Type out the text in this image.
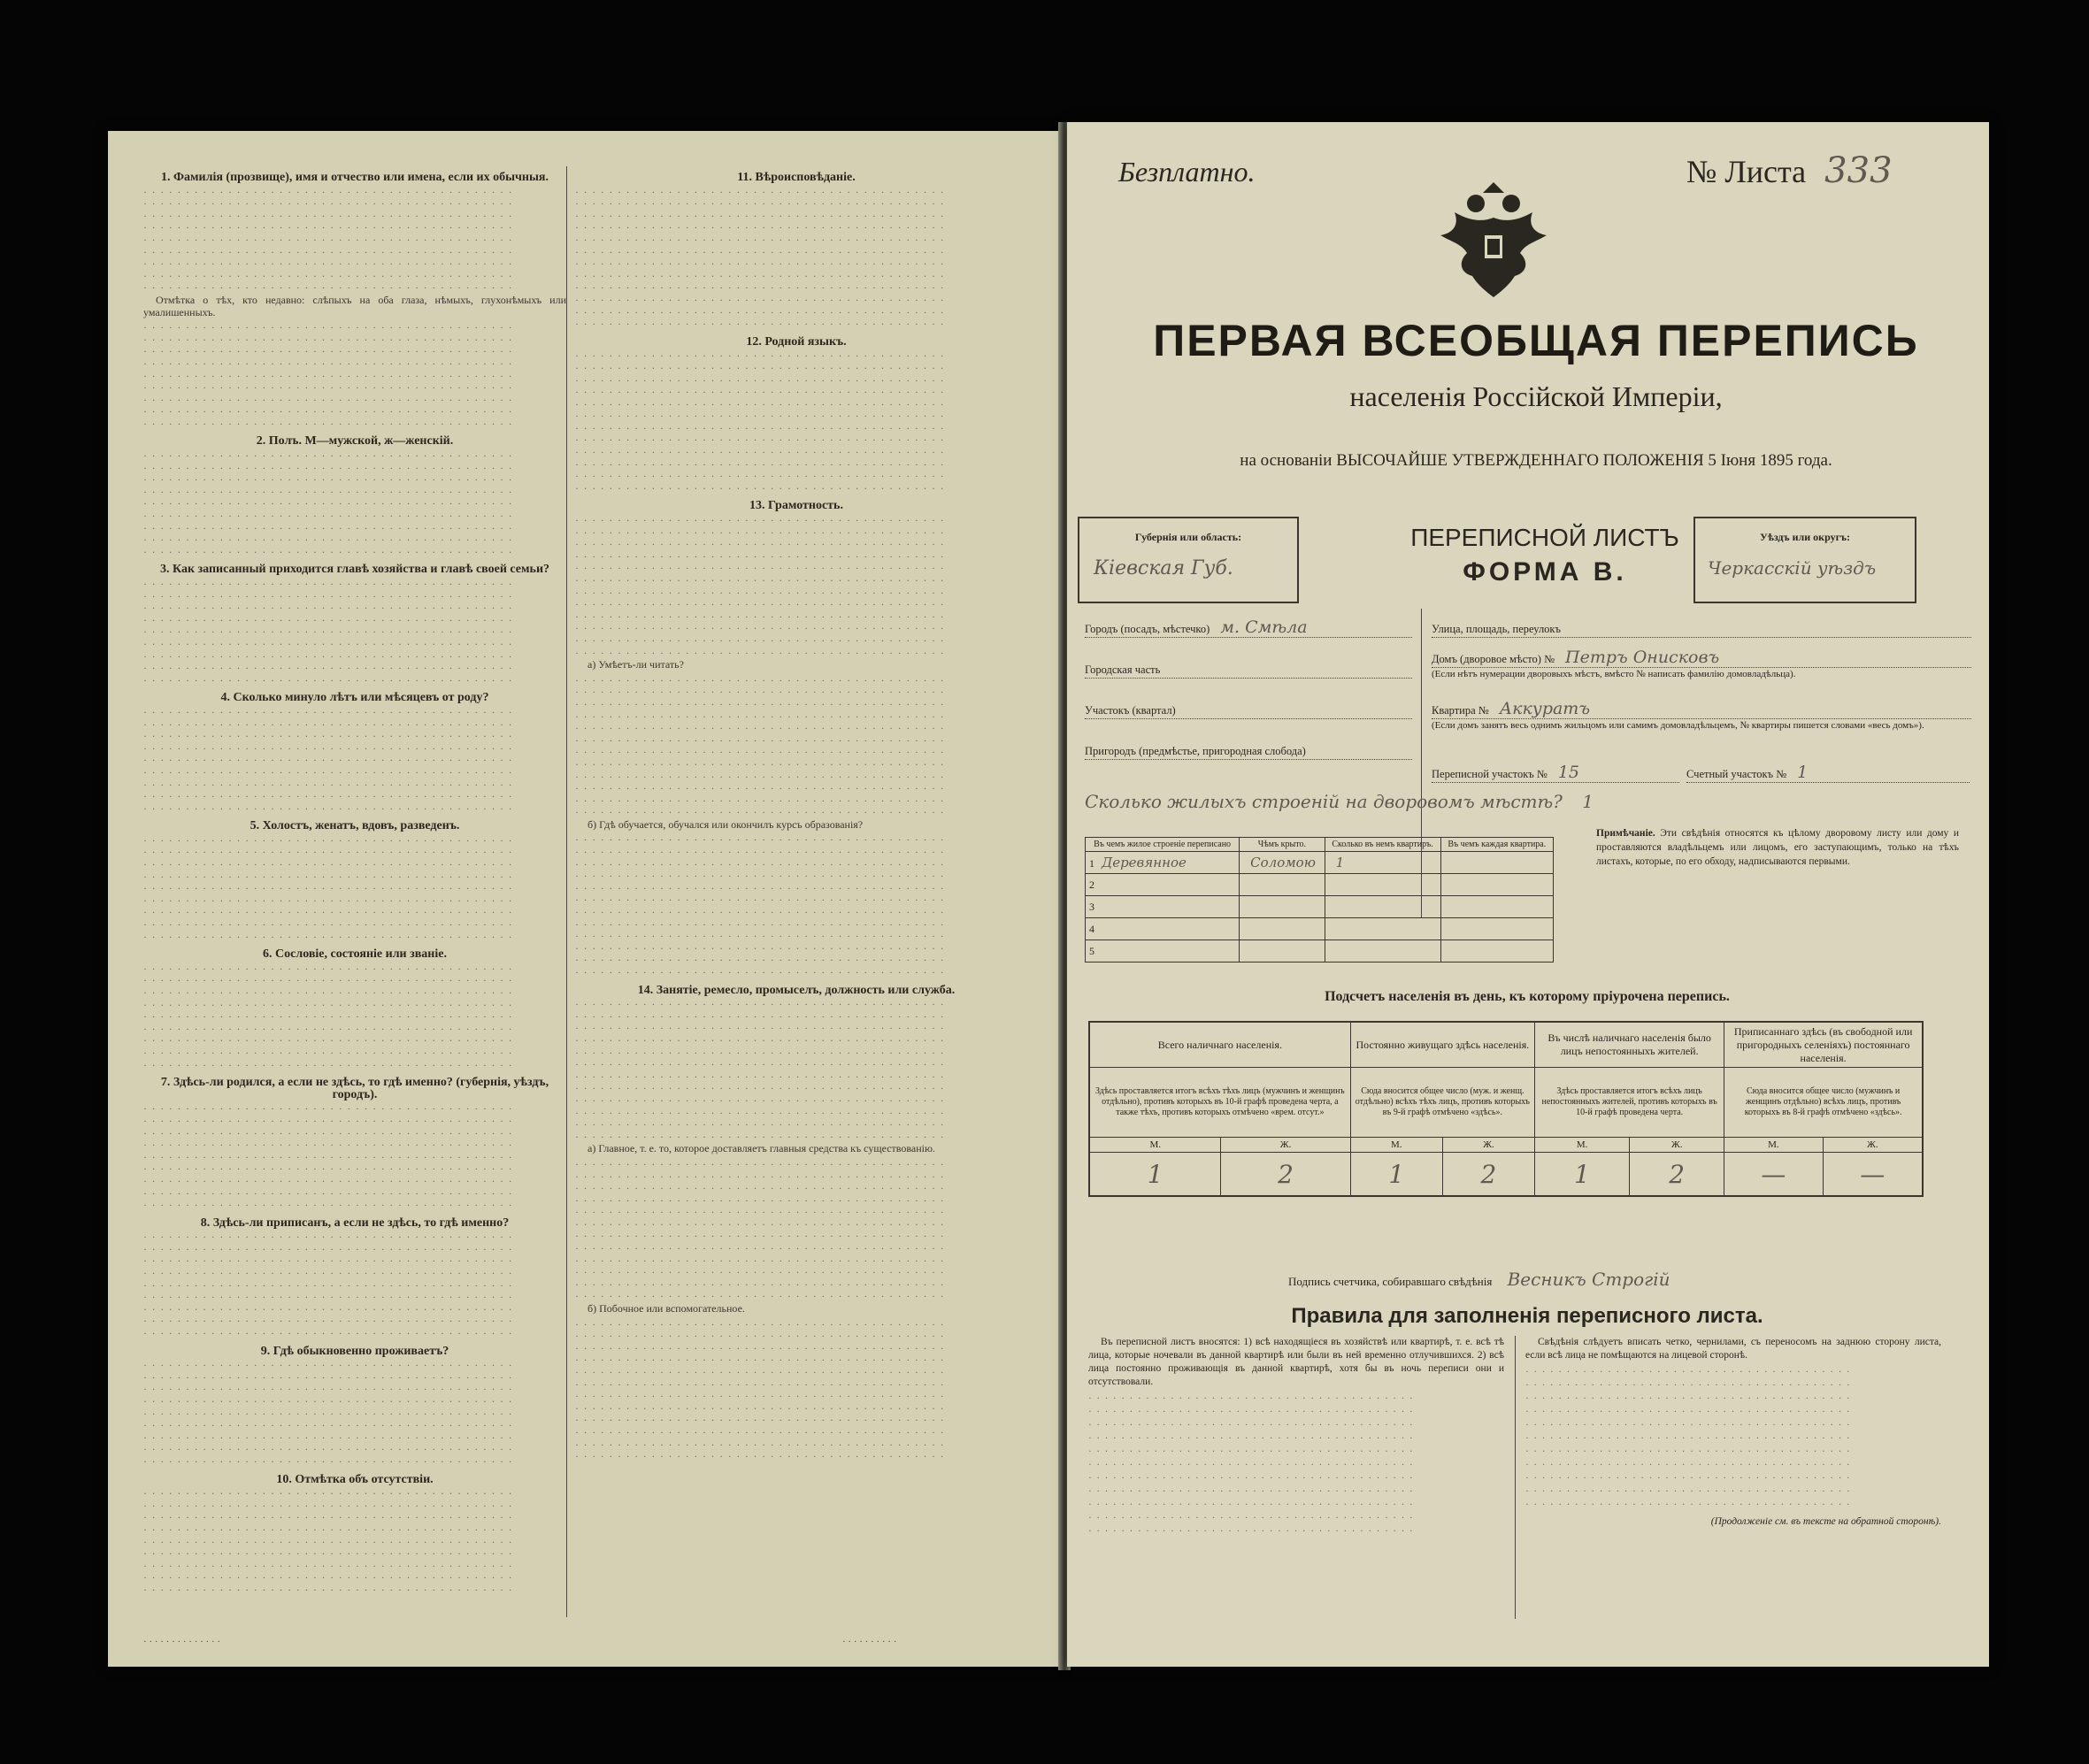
1. Фамилія (прозвище), имя и отчество или имена, если их обычныя.
· · · · · · · · · · · · · · · · · · · · · · · · · · · · · · · · · · · · · · · · · · · ·
· · · · · · · · · · · · · · · · · · · · · · · · · · · · · · · · · · · · · · · · · · · ·
· · · · · · · · · · · · · · · · · · · · · · · · · · · · · · · · · · · · · · · · · · · ·
· · · · · · · · · · · · · · · · · · · · · · · · · · · · · · · · · · · · · · · · · · · ·
· · · · · · · · · · · · · · · · · · · · · · · · · · · · · · · · · · · · · · · · · · · ·
· · · · · · · · · · · · · · · · · · · · · · · · · · · · · · · · · · · · · · · · · · · ·
· · · · · · · · · · · · · · · · · · · · · · · · · · · · · · · · · · · · · · · · · · · ·
· · · · · · · · · · · · · · · · · · · · · · · · · · · · · · · · · · · · · · · · · · · ·
· · · · · · · · · · · · · · · · · · · · · · · · · · · · · · · · · · · · · · · · · · · ·

Отмѣтка о тѣх, кто недавно: слѣпыхъ на оба глаза, нѣмыхъ, глухонѣмыхъ или умалишенныхъ.

· · · · · · · · · · · · · · · · · · · · · · · · · · · · · · · · · · · · · · · · · · · ·
· · · · · · · · · · · · · · · · · · · · · · · · · · · · · · · · · · · · · · · · · · · ·
· · · · · · · · · · · · · · · · · · · · · · · · · · · · · · · · · · · · · · · · · · · ·
· · · · · · · · · · · · · · · · · · · · · · · · · · · · · · · · · · · · · · · · · · · ·
· · · · · · · · · · · · · · · · · · · · · · · · · · · · · · · · · · · · · · · · · · · ·
· · · · · · · · · · · · · · · · · · · · · · · · · · · · · · · · · · · · · · · · · · · ·
· · · · · · · · · · · · · · · · · · · · · · · · · · · · · · · · · · · · · · · · · · · ·
· · · · · · · · · · · · · · · · · · · · · · · · · · · · · · · · · · · · · · · · · · · ·
· · · · · · · · · · · · · · · · · · · · · · · · · · · · · · · · · · · · · · · · · · · ·

2. Полъ. М—мужской, ж—женскій.
· · · · · · · · · · · · · · · · · · · · · · · · · · · · · · · · · · · · · · · · · · · ·
· · · · · · · · · · · · · · · · · · · · · · · · · · · · · · · · · · · · · · · · · · · ·
· · · · · · · · · · · · · · · · · · · · · · · · · · · · · · · · · · · · · · · · · · · ·
· · · · · · · · · · · · · · · · · · · · · · · · · · · · · · · · · · · · · · · · · · · ·
· · · · · · · · · · · · · · · · · · · · · · · · · · · · · · · · · · · · · · · · · · · ·
· · · · · · · · · · · · · · · · · · · · · · · · · · · · · · · · · · · · · · · · · · · ·
· · · · · · · · · · · · · · · · · · · · · · · · · · · · · · · · · · · · · · · · · · · ·
· · · · · · · · · · · · · · · · · · · · · · · · · · · · · · · · · · · · · · · · · · · ·
· · · · · · · · · · · · · · · · · · · · · · · · · · · · · · · · · · · · · · · · · · · ·

3. Как записанный приходится главѣ хозяйства и главѣ своей семьи?
· · · · · · · · · · · · · · · · · · · · · · · · · · · · · · · · · · · · · · · · · · · ·
· · · · · · · · · · · · · · · · · · · · · · · · · · · · · · · · · · · · · · · · · · · ·
· · · · · · · · · · · · · · · · · · · · · · · · · · · · · · · · · · · · · · · · · · · ·
· · · · · · · · · · · · · · · · · · · · · · · · · · · · · · · · · · · · · · · · · · · ·
· · · · · · · · · · · · · · · · · · · · · · · · · · · · · · · · · · · · · · · · · · · ·
· · · · · · · · · · · · · · · · · · · · · · · · · · · · · · · · · · · · · · · · · · · ·
· · · · · · · · · · · · · · · · · · · · · · · · · · · · · · · · · · · · · · · · · · · ·
· · · · · · · · · · · · · · · · · · · · · · · · · · · · · · · · · · · · · · · · · · · ·
· · · · · · · · · · · · · · · · · · · · · · · · · · · · · · · · · · · · · · · · · · · ·

4. Сколько минуло лѣтъ или мѣсяцевъ от роду?
· · · · · · · · · · · · · · · · · · · · · · · · · · · · · · · · · · · · · · · · · · · ·
· · · · · · · · · · · · · · · · · · · · · · · · · · · · · · · · · · · · · · · · · · · ·
· · · · · · · · · · · · · · · · · · · · · · · · · · · · · · · · · · · · · · · · · · · ·
· · · · · · · · · · · · · · · · · · · · · · · · · · · · · · · · · · · · · · · · · · · ·
· · · · · · · · · · · · · · · · · · · · · · · · · · · · · · · · · · · · · · · · · · · ·
· · · · · · · · · · · · · · · · · · · · · · · · · · · · · · · · · · · · · · · · · · · ·
· · · · · · · · · · · · · · · · · · · · · · · · · · · · · · · · · · · · · · · · · · · ·
· · · · · · · · · · · · · · · · · · · · · · · · · · · · · · · · · · · · · · · · · · · ·
· · · · · · · · · · · · · · · · · · · · · · · · · · · · · · · · · · · · · · · · · · · ·

5. Холостъ, женатъ, вдовъ, разведенъ.
· · · · · · · · · · · · · · · · · · · · · · · · · · · · · · · · · · · · · · · · · · · ·
· · · · · · · · · · · · · · · · · · · · · · · · · · · · · · · · · · · · · · · · · · · ·
· · · · · · · · · · · · · · · · · · · · · · · · · · · · · · · · · · · · · · · · · · · ·
· · · · · · · · · · · · · · · · · · · · · · · · · · · · · · · · · · · · · · · · · · · ·
· · · · · · · · · · · · · · · · · · · · · · · · · · · · · · · · · · · · · · · · · · · ·
· · · · · · · · · · · · · · · · · · · · · · · · · · · · · · · · · · · · · · · · · · · ·
· · · · · · · · · · · · · · · · · · · · · · · · · · · · · · · · · · · · · · · · · · · ·
· · · · · · · · · · · · · · · · · · · · · · · · · · · · · · · · · · · · · · · · · · · ·
· · · · · · · · · · · · · · · · · · · · · · · · · · · · · · · · · · · · · · · · · · · ·

6. Сословіе, состояніе или званіе.
· · · · · · · · · · · · · · · · · · · · · · · · · · · · · · · · · · · · · · · · · · · ·
· · · · · · · · · · · · · · · · · · · · · · · · · · · · · · · · · · · · · · · · · · · ·
· · · · · · · · · · · · · · · · · · · · · · · · · · · · · · · · · · · · · · · · · · · ·
· · · · · · · · · · · · · · · · · · · · · · · · · · · · · · · · · · · · · · · · · · · ·
· · · · · · · · · · · · · · · · · · · · · · · · · · · · · · · · · · · · · · · · · · · ·
· · · · · · · · · · · · · · · · · · · · · · · · · · · · · · · · · · · · · · · · · · · ·
· · · · · · · · · · · · · · · · · · · · · · · · · · · · · · · · · · · · · · · · · · · ·
· · · · · · · · · · · · · · · · · · · · · · · · · · · · · · · · · · · · · · · · · · · ·
· · · · · · · · · · · · · · · · · · · · · · · · · · · · · · · · · · · · · · · · · · · ·

7. Здѣсь-ли родился, а если не здѣсь, то гдѣ именно? (губернія, уѣздъ, городъ).
· · · · · · · · · · · · · · · · · · · · · · · · · · · · · · · · · · · · · · · · · · · ·
· · · · · · · · · · · · · · · · · · · · · · · · · · · · · · · · · · · · · · · · · · · ·
· · · · · · · · · · · · · · · · · · · · · · · · · · · · · · · · · · · · · · · · · · · ·
· · · · · · · · · · · · · · · · · · · · · · · · · · · · · · · · · · · · · · · · · · · ·
· · · · · · · · · · · · · · · · · · · · · · · · · · · · · · · · · · · · · · · · · · · ·
· · · · · · · · · · · · · · · · · · · · · · · · · · · · · · · · · · · · · · · · · · · ·
· · · · · · · · · · · · · · · · · · · · · · · · · · · · · · · · · · · · · · · · · · · ·
· · · · · · · · · · · · · · · · · · · · · · · · · · · · · · · · · · · · · · · · · · · ·
· · · · · · · · · · · · · · · · · · · · · · · · · · · · · · · · · · · · · · · · · · · ·

8. Здѣсь-ли приписанъ, а если не здѣсь, то гдѣ именно?
· · · · · · · · · · · · · · · · · · · · · · · · · · · · · · · · · · · · · · · · · · · ·
· · · · · · · · · · · · · · · · · · · · · · · · · · · · · · · · · · · · · · · · · · · ·
· · · · · · · · · · · · · · · · · · · · · · · · · · · · · · · · · · · · · · · · · · · ·
· · · · · · · · · · · · · · · · · · · · · · · · · · · · · · · · · · · · · · · · · · · ·
· · · · · · · · · · · · · · · · · · · · · · · · · · · · · · · · · · · · · · · · · · · ·
· · · · · · · · · · · · · · · · · · · · · · · · · · · · · · · · · · · · · · · · · · · ·
· · · · · · · · · · · · · · · · · · · · · · · · · · · · · · · · · · · · · · · · · · · ·
· · · · · · · · · · · · · · · · · · · · · · · · · · · · · · · · · · · · · · · · · · · ·
· · · · · · · · · · · · · · · · · · · · · · · · · · · · · · · · · · · · · · · · · · · ·

9. Гдѣ обыкновенно проживаетъ?
· · · · · · · · · · · · · · · · · · · · · · · · · · · · · · · · · · · · · · · · · · · ·
· · · · · · · · · · · · · · · · · · · · · · · · · · · · · · · · · · · · · · · · · · · ·
· · · · · · · · · · · · · · · · · · · · · · · · · · · · · · · · · · · · · · · · · · · ·
· · · · · · · · · · · · · · · · · · · · · · · · · · · · · · · · · · · · · · · · · · · ·
· · · · · · · · · · · · · · · · · · · · · · · · · · · · · · · · · · · · · · · · · · · ·
· · · · · · · · · · · · · · · · · · · · · · · · · · · · · · · · · · · · · · · · · · · ·
· · · · · · · · · · · · · · · · · · · · · · · · · · · · · · · · · · · · · · · · · · · ·
· · · · · · · · · · · · · · · · · · · · · · · · · · · · · · · · · · · · · · · · · · · ·
· · · · · · · · · · · · · · · · · · · · · · · · · · · · · · · · · · · · · · · · · · · ·

10. Отмѣтка объ отсутствіи.
· · · · · · · · · · · · · · · · · · · · · · · · · · · · · · · · · · · · · · · · · · · ·
· · · · · · · · · · · · · · · · · · · · · · · · · · · · · · · · · · · · · · · · · · · ·
· · · · · · · · · · · · · · · · · · · · · · · · · · · · · · · · · · · · · · · · · · · ·
· · · · · · · · · · · · · · · · · · · · · · · · · · · · · · · · · · · · · · · · · · · ·
· · · · · · · · · · · · · · · · · · · · · · · · · · · · · · · · · · · · · · · · · · · ·
· · · · · · · · · · · · · · · · · · · · · · · · · · · · · · · · · · · · · · · · · · · ·
· · · · · · · · · · · · · · · · · · · · · · · · · · · · · · · · · · · · · · · · · · · ·
· · · · · · · · · · · · · · · · · · · · · · · · · · · · · · · · · · · · · · · · · · · ·
· · · · · · · · · · · · · · · · · · · · · · · · · · · · · · · · · · · · · · · · · · · ·

11. Вѣроисповѣданіе.
· · · · · · · · · · · · · · · · · · · · · · · · · · · · · · · · · · · · · · · · · · · ·
· · · · · · · · · · · · · · · · · · · · · · · · · · · · · · · · · · · · · · · · · · · ·
· · · · · · · · · · · · · · · · · · · · · · · · · · · · · · · · · · · · · · · · · · · ·
· · · · · · · · · · · · · · · · · · · · · · · · · · · · · · · · · · · · · · · · · · · ·
· · · · · · · · · · · · · · · · · · · · · · · · · · · · · · · · · · · · · · · · · · · ·
· · · · · · · · · · · · · · · · · · · · · · · · · · · · · · · · · · · · · · · · · · · ·
· · · · · · · · · · · · · · · · · · · · · · · · · · · · · · · · · · · · · · · · · · · ·
· · · · · · · · · · · · · · · · · · · · · · · · · · · · · · · · · · · · · · · · · · · ·
· · · · · · · · · · · · · · · · · · · · · · · · · · · · · · · · · · · · · · · · · · · ·
· · · · · · · · · · · · · · · · · · · · · · · · · · · · · · · · · · · · · · · · · · · ·
· · · · · · · · · · · · · · · · · · · · · · · · · · · · · · · · · · · · · · · · · · · ·
· · · · · · · · · · · · · · · · · · · · · · · · · · · · · · · · · · · · · · · · · · · ·

12. Родной языкъ.
· · · · · · · · · · · · · · · · · · · · · · · · · · · · · · · · · · · · · · · · · · · ·
· · · · · · · · · · · · · · · · · · · · · · · · · · · · · · · · · · · · · · · · · · · ·
· · · · · · · · · · · · · · · · · · · · · · · · · · · · · · · · · · · · · · · · · · · ·
· · · · · · · · · · · · · · · · · · · · · · · · · · · · · · · · · · · · · · · · · · · ·
· · · · · · · · · · · · · · · · · · · · · · · · · · · · · · · · · · · · · · · · · · · ·
· · · · · · · · · · · · · · · · · · · · · · · · · · · · · · · · · · · · · · · · · · · ·
· · · · · · · · · · · · · · · · · · · · · · · · · · · · · · · · · · · · · · · · · · · ·
· · · · · · · · · · · · · · · · · · · · · · · · · · · · · · · · · · · · · · · · · · · ·
· · · · · · · · · · · · · · · · · · · · · · · · · · · · · · · · · · · · · · · · · · · ·
· · · · · · · · · · · · · · · · · · · · · · · · · · · · · · · · · · · · · · · · · · · ·
· · · · · · · · · · · · · · · · · · · · · · · · · · · · · · · · · · · · · · · · · · · ·
· · · · · · · · · · · · · · · · · · · · · · · · · · · · · · · · · · · · · · · · · · · ·

13. Грамотность.
· · · · · · · · · · · · · · · · · · · · · · · · · · · · · · · · · · · · · · · · · · · ·
· · · · · · · · · · · · · · · · · · · · · · · · · · · · · · · · · · · · · · · · · · · ·
· · · · · · · · · · · · · · · · · · · · · · · · · · · · · · · · · · · · · · · · · · · ·
· · · · · · · · · · · · · · · · · · · · · · · · · · · · · · · · · · · · · · · · · · · ·
· · · · · · · · · · · · · · · · · · · · · · · · · · · · · · · · · · · · · · · · · · · ·
· · · · · · · · · · · · · · · · · · · · · · · · · · · · · · · · · · · · · · · · · · · ·
· · · · · · · · · · · · · · · · · · · · · · · · · · · · · · · · · · · · · · · · · · · ·
· · · · · · · · · · · · · · · · · · · · · · · · · · · · · · · · · · · · · · · · · · · ·
· · · · · · · · · · · · · · · · · · · · · · · · · · · · · · · · · · · · · · · · · · · ·
· · · · · · · · · · · · · · · · · · · · · · · · · · · · · · · · · · · · · · · · · · · ·
· · · · · · · · · · · · · · · · · · · · · · · · · · · · · · · · · · · · · · · · · · · ·
· · · · · · · · · · · · · · · · · · · · · · · · · · · · · · · · · · · · · · · · · · · ·

а) Умѣетъ-ли читать?

· · · · · · · · · · · · · · · · · · · · · · · · · · · · · · · · · · · · · · · · · · · ·
· · · · · · · · · · · · · · · · · · · · · · · · · · · · · · · · · · · · · · · · · · · ·
· · · · · · · · · · · · · · · · · · · · · · · · · · · · · · · · · · · · · · · · · · · ·
· · · · · · · · · · · · · · · · · · · · · · · · · · · · · · · · · · · · · · · · · · · ·
· · · · · · · · · · · · · · · · · · · · · · · · · · · · · · · · · · · · · · · · · · · ·
· · · · · · · · · · · · · · · · · · · · · · · · · · · · · · · · · · · · · · · · · · · ·
· · · · · · · · · · · · · · · · · · · · · · · · · · · · · · · · · · · · · · · · · · · ·
· · · · · · · · · · · · · · · · · · · · · · · · · · · · · · · · · · · · · · · · · · · ·
· · · · · · · · · · · · · · · · · · · · · · · · · · · · · · · · · · · · · · · · · · · ·
· · · · · · · · · · · · · · · · · · · · · · · · · · · · · · · · · · · · · · · · · · · ·
· · · · · · · · · · · · · · · · · · · · · · · · · · · · · · · · · · · · · · · · · · · ·
· · · · · · · · · · · · · · · · · · · · · · · · · · · · · · · · · · · · · · · · · · · ·

б) Гдѣ обучается, обучался или окончилъ курсъ образованія?

· · · · · · · · · · · · · · · · · · · · · · · · · · · · · · · · · · · · · · · · · · · ·
· · · · · · · · · · · · · · · · · · · · · · · · · · · · · · · · · · · · · · · · · · · ·
· · · · · · · · · · · · · · · · · · · · · · · · · · · · · · · · · · · · · · · · · · · ·
· · · · · · · · · · · · · · · · · · · · · · · · · · · · · · · · · · · · · · · · · · · ·
· · · · · · · · · · · · · · · · · · · · · · · · · · · · · · · · · · · · · · · · · · · ·
· · · · · · · · · · · · · · · · · · · · · · · · · · · · · · · · · · · · · · · · · · · ·
· · · · · · · · · · · · · · · · · · · · · · · · · · · · · · · · · · · · · · · · · · · ·
· · · · · · · · · · · · · · · · · · · · · · · · · · · · · · · · · · · · · · · · · · · ·
· · · · · · · · · · · · · · · · · · · · · · · · · · · · · · · · · · · · · · · · · · · ·
· · · · · · · · · · · · · · · · · · · · · · · · · · · · · · · · · · · · · · · · · · · ·
· · · · · · · · · · · · · · · · · · · · · · · · · · · · · · · · · · · · · · · · · · · ·
· · · · · · · · · · · · · · · · · · · · · · · · · · · · · · · · · · · · · · · · · · · ·

14. Занятіе, ремесло, промыселъ, должность или служба.
· · · · · · · · · · · · · · · · · · · · · · · · · · · · · · · · · · · · · · · · · · · ·
· · · · · · · · · · · · · · · · · · · · · · · · · · · · · · · · · · · · · · · · · · · ·
· · · · · · · · · · · · · · · · · · · · · · · · · · · · · · · · · · · · · · · · · · · ·
· · · · · · · · · · · · · · · · · · · · · · · · · · · · · · · · · · · · · · · · · · · ·
· · · · · · · · · · · · · · · · · · · · · · · · · · · · · · · · · · · · · · · · · · · ·
· · · · · · · · · · · · · · · · · · · · · · · · · · · · · · · · · · · · · · · · · · · ·
· · · · · · · · · · · · · · · · · · · · · · · · · · · · · · · · · · · · · · · · · · · ·
· · · · · · · · · · · · · · · · · · · · · · · · · · · · · · · · · · · · · · · · · · · ·
· · · · · · · · · · · · · · · · · · · · · · · · · · · · · · · · · · · · · · · · · · · ·
· · · · · · · · · · · · · · · · · · · · · · · · · · · · · · · · · · · · · · · · · · · ·
· · · · · · · · · · · · · · · · · · · · · · · · · · · · · · · · · · · · · · · · · · · ·
· · · · · · · · · · · · · · · · · · · · · · · · · · · · · · · · · · · · · · · · · · · ·

а) Главное, т. е. то, которое доставляетъ главныя средства къ существованію.

· · · · · · · · · · · · · · · · · · · · · · · · · · · · · · · · · · · · · · · · · · · ·
· · · · · · · · · · · · · · · · · · · · · · · · · · · · · · · · · · · · · · · · · · · ·
· · · · · · · · · · · · · · · · · · · · · · · · · · · · · · · · · · · · · · · · · · · ·
· · · · · · · · · · · · · · · · · · · · · · · · · · · · · · · · · · · · · · · · · · · ·
· · · · · · · · · · · · · · · · · · · · · · · · · · · · · · · · · · · · · · · · · · · ·
· · · · · · · · · · · · · · · · · · · · · · · · · · · · · · · · · · · · · · · · · · · ·
· · · · · · · · · · · · · · · · · · · · · · · · · · · · · · · · · · · · · · · · · · · ·
· · · · · · · · · · · · · · · · · · · · · · · · · · · · · · · · · · · · · · · · · · · ·
· · · · · · · · · · · · · · · · · · · · · · · · · · · · · · · · · · · · · · · · · · · ·
· · · · · · · · · · · · · · · · · · · · · · · · · · · · · · · · · · · · · · · · · · · ·
· · · · · · · · · · · · · · · · · · · · · · · · · · · · · · · · · · · · · · · · · · · ·
· · · · · · · · · · · · · · · · · · · · · · · · · · · · · · · · · · · · · · · · · · · ·

б) Побочное или вспомогательное.

· · · · · · · · · · · · · · · · · · · · · · · · · · · · · · · · · · · · · · · · · · · ·
· · · · · · · · · · · · · · · · · · · · · · · · · · · · · · · · · · · · · · · · · · · ·
· · · · · · · · · · · · · · · · · · · · · · · · · · · · · · · · · · · · · · · · · · · ·
· · · · · · · · · · · · · · · · · · · · · · · · · · · · · · · · · · · · · · · · · · · ·
· · · · · · · · · · · · · · · · · · · · · · · · · · · · · · · · · · · · · · · · · · · ·
· · · · · · · · · · · · · · · · · · · · · · · · · · · · · · · · · · · · · · · · · · · ·
· · · · · · · · · · · · · · · · · · · · · · · · · · · · · · · · · · · · · · · · · · · ·
· · · · · · · · · · · · · · · · · · · · · · · · · · · · · · · · · · · · · · · · · · · ·
· · · · · · · · · · · · · · · · · · · · · · · · · · · · · · · · · · · · · · · · · · · ·
· · · · · · · · · · · · · · · · · · · · · · · · · · · · · · · · · · · · · · · · · · · ·
· · · · · · · · · · · · · · · · · · · · · · · · · · · · · · · · · · · · · · · · · · · ·
· · · · · · · · · · · · · · · · · · · · · · · · · · · · · · · · · · · · · · · · · · · ·

· · · · · · · · · · · · · ·	· · · · · · · · · ·
Безплатно.	№ Листа 333
ПЕРВАЯ ВСЕОБЩАЯ ПЕРЕПИСЬ
населенія Россійской Имперіи,
на основаніи ВЫСОЧАЙШЕ УТВЕРЖДЕННАГО ПОЛОЖЕНІЯ 5 Іюня 1895 года.
Губернія или область:
Кіевская Губ.
ПЕРЕПИСНОЙ ЛИСТЪ
ФОРМА В.
Уѣздъ или округъ:
Черкасскій уѣздъ
Городъ (посадъ, мѣстечко) м. Смѣла
Городская часть
Участокъ (квартал)
Пригородъ (предмѣстье, пригородная слобода)
Улица, площадь, переулокъ
Домъ (дворовое мѣсто) № Петръ Онисковъ
(Если нѣтъ нумерации дворовыхъ мѣстъ, вмѣсто № написать фамилію домовладѣльца).
Квартира № Аккуратъ
(Если домъ занятъ весь однимъ жильцомъ или самимъ домовладѣльцемъ, № квартиры пишется словами «весь домъ»).
Переписной участокъ № 15	Счетный участокъ № 1
Сколько жилыхъ строеній на дворовомъ мѣстѣ? 1
Въ чемъ жилое строеніе переписано	Чѣмъ крыто.	Сколько въ немъ квартиръ.	Въ чемъ каждая квартира.
1 Деревянное	Соломою	1	
2			
3			
4			
5			
Примѣчаніе. Эти свѣдѣнія относятся къ цѣлому дворовому листу или дому и проставляются владѣльцемъ или лицомъ, его заступающимъ, только на тѣхъ листахъ, которые, по его обходу, надписываются первыми.
Подсчетъ населенія въ день, къ которому пріурочена перепись.
Всего наличнаго населенія.		Постоянно живущаго здѣсь населенія.		Въ числѣ наличнаго населенія было лицъ непостоянныхъ жителей.		Приписаннаго здѣсь (въ свободной или пригородныхъ селеніяхъ) постояннаго населенія.	
Здѣсь проставляется итогъ всѣхъ тѣхъ лицъ (мужчинъ и женщинъ отдѣльно), противъ которыхъ въ 10-й графѣ проведена черта, а также тѣхъ, противъ которыхъ отмѣчено «врем. отсут.»		Сюда вносится общее число (муж. и женщ. отдѣльно) всѣхъ тѣхъ лицъ, противъ которыхъ въ 9-й графѣ отмѣчено «здѣсь».		Здѣсь проставляется итогъ всѣхъ лицъ непостоянныхъ жителей, противъ которыхъ въ 10-й графѣ проведена черта.		Сюда вносится общее число (мужчинъ и женщинъ отдѣльно) всѣхъ лицъ, противъ которыхъ въ 8-й графѣ отмѣчено «здѣсь».	
М.	Ж.	М.	Ж.	М.	Ж.	М.	Ж.
1	2	1	2	1	2	—	—
Подпись счетчика, собиравшаго свѣдѣнія Весникъ Строгій
Правила для заполненія переписного листа.

Въ переписной листъ вносятся: 1) всѣ находящіеся въ хозяйствѣ или квартирѣ, т. е. всѣ тѣ лица, которые ночевали въ данной квартирѣ или были въ ней временно отлучившихся. 2) всѣ лица постоянно проживающія въ данной квартирѣ, хотя бы въ ночь переписи они и отсутствовали.

· · · · · · · · · · · · · · · · · · · · · · · · · · · · · · · · · · · · · · · ·
· · · · · · · · · · · · · · · · · · · · · · · · · · · · · · · · · · · · · · · ·
· · · · · · · · · · · · · · · · · · · · · · · · · · · · · · · · · · · · · · · ·
· · · · · · · · · · · · · · · · · · · · · · · · · · · · · · · · · · · · · · · ·
· · · · · · · · · · · · · · · · · · · · · · · · · · · · · · · · · · · · · · · ·
· · · · · · · · · · · · · · · · · · · · · · · · · · · · · · · · · · · · · · · ·
· · · · · · · · · · · · · · · · · · · · · · · · · · · · · · · · · · · · · · · ·
· · · · · · · · · · · · · · · · · · · · · · · · · · · · · · · · · · · · · · · ·
· · · · · · · · · · · · · · · · · · · · · · · · · · · · · · · · · · · · · · · ·
· · · · · · · · · · · · · · · · · · · · · · · · · · · · · · · · · · · · · · · ·
· · · · · · · · · · · · · · · · · · · · · · · · · · · · · · · · · · · · · · · ·

Свѣдѣнія слѣдуетъ вписать четко, чернилами, съ переносомъ на заднюю сторону листа, если всѣ лица не помѣщаются на лицевой сторонѣ.

· · · · · · · · · · · · · · · · · · · · · · · · · · · · · · · · · · · · · · · ·
· · · · · · · · · · · · · · · · · · · · · · · · · · · · · · · · · · · · · · · ·
· · · · · · · · · · · · · · · · · · · · · · · · · · · · · · · · · · · · · · · ·
· · · · · · · · · · · · · · · · · · · · · · · · · · · · · · · · · · · · · · · ·
· · · · · · · · · · · · · · · · · · · · · · · · · · · · · · · · · · · · · · · ·
· · · · · · · · · · · · · · · · · · · · · · · · · · · · · · · · · · · · · · · ·
· · · · · · · · · · · · · · · · · · · · · · · · · · · · · · · · · · · · · · · ·
· · · · · · · · · · · · · · · · · · · · · · · · · · · · · · · · · · · · · · · ·
· · · · · · · · · · · · · · · · · · · · · · · · · · · · · · · · · · · · · · · ·
· · · · · · · · · · · · · · · · · · · · · · · · · · · · · · · · · · · · · · · ·
· · · · · · · · · · · · · · · · · · · · · · · · · · · · · · · · · · · · · · · ·

(Продолженіе см. въ тексте на обратной сторонѣ).
